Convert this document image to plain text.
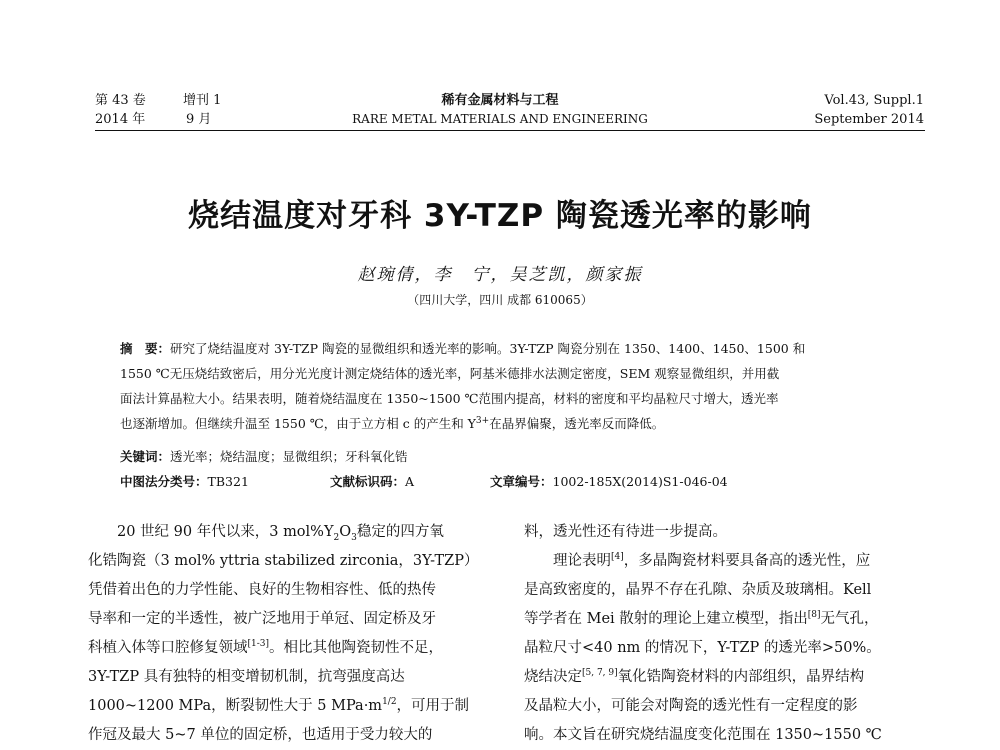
第 43 卷	增刊 1	稀有金属材料与工程	Vol.43, Suppl.1
2014 年	9 月	RARE METAL MATERIALS AND ENGINEERING	September 2014
烧结温度对牙科 3Y-TZP 陶瓷透光率的影响
赵琬倩，李　宁，吴芝凯，颜家振
（四川大学，四川 成都 610065）
摘　要：研究了烧结温度对 3Y-TZP 陶瓷的显微组织和透光率的影响。3Y-TZP 陶瓷分别在 1350、1400、1450、1500 和
1550 ℃无压烧结致密后，用分光光度计测定烧结体的透光率，阿基米德排水法测定密度，SEM 观察显微组织，并用截
面法计算晶粒大小。结果表明，随着烧结温度在 1350~1500 ℃范围内提高，材料的密度和平均晶粒尺寸增大，透光率
也逐渐增加。但继续升温至 1550 ℃，由于立方相 c 的产生和 $Y^{3+}$在晶界偏聚，透光率反而降低。
关键词：透光率；烧结温度；显微组织；牙科氧化锆
中图法分类号：TB321	文献标识码：A	文章编号：1002-185X(2014)S1-046-04
20 世纪 90 年代以来，3 $mol\%Y_2O_3$稳定的四方氧
化锆陶瓷（3 mol% yttria stabilized zirconia，3Y-TZP）
凭借着出色的力学性能、良好的生物相容性、低的热传
导率和一定的半透性，被广泛地用于单冠、固定桥及牙
科植入体等口腔修复领域[1-3]。相比其他陶瓷韧性不足，
3Y-TZP 具有独特的相变增韧机制，抗弯强度高达
1000~1200 MPa，断裂韧性大于 5 $MPa\cdot m^{1/2}$，可用于制
作冠及最大 5~7 单位的固定桥，也适用于受力较大的
料，透光性还有待进一步提高。
理论表明[4]，多晶陶瓷材料要具备高的透光性，应
是高致密度的，晶界不存在孔隙、杂质及玻璃相。Kell
等学者在 Mei 散射的理论上建立模型，指出[8]无气孔，
晶粒尺寸<40 nm 的情况下，Y-TZP 的透光率>50%。
烧结决定[5, 7, 9]氧化锆陶瓷材料的内部组织，晶界结构
及晶粒大小，可能会对陶瓷的透光性有一定程度的影
响。本文旨在研究烧结温度变化范围在 1350~1550 ℃
